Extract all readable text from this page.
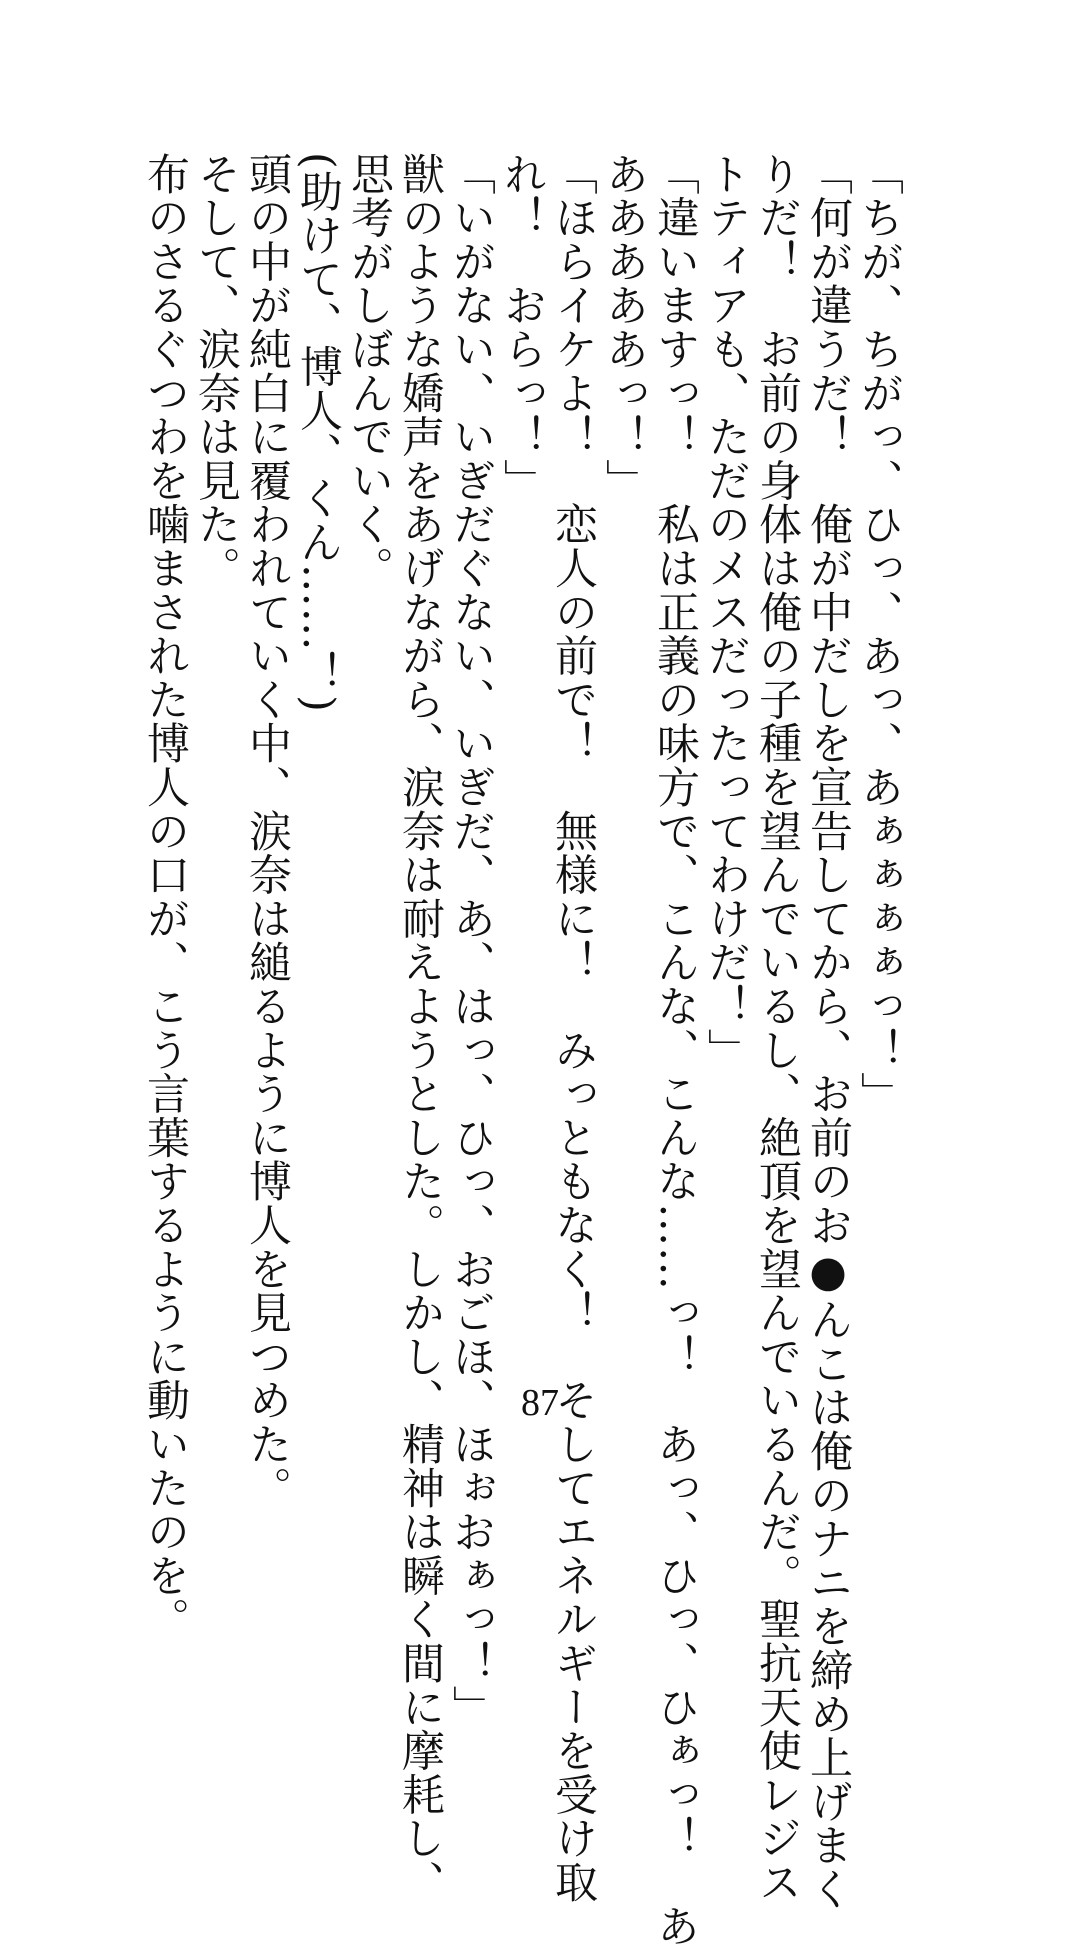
「ちが、ちがっ、ひっ、あっ、あぁぁぁぁっ！」
「何が違うだ！　俺が中だしを宣告してから、お前のお●んこは俺のナニを締め上げまく
りだ！　お前の身体は俺の子種を望んでいるし、絶頂を望んでいるんだ。聖抗天使レジス
トティアも、ただのメスだったってわけだ！」
「違いますっ！　私は正義の味方で、こんな、こんな……っ！　あっ、ひっ、ひぁっ！　あ
あああああっ！」
「ほらイケよ！　恋人の前で！　無様に！　みっともなく！　そしてエネルギーを受け取
れ！　おらっ！」
「いがない、いぎだぐない、いぎだ、あ、はっ、ひっ、おごほ、ほぉおぁっ！」
獣のような嬌声をあげながら、涙奈は耐えようとした。しかし、精神は瞬く間に摩耗し、
思考がしぼんでいく。
(助けて、博人、くん……！)
頭の中が純白に覆われていく中、涙奈は縋るように博人を見つめた。
そして、涙奈は見た。
布のさるぐつわを噛まされた博人の口が、こう言葉するように動いたのを。	87
